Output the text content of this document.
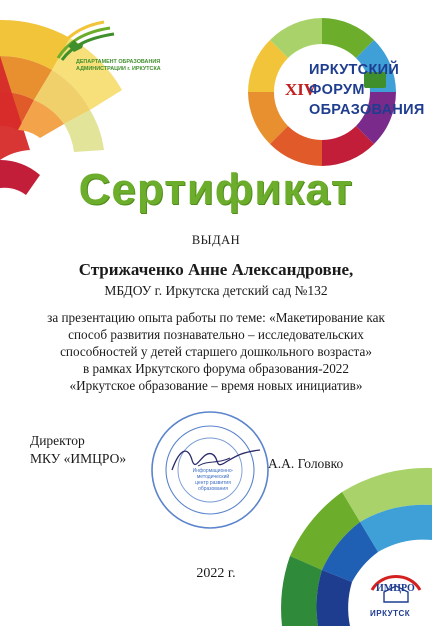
ДЕПАРТАМЕНТ ОБРАЗОВАНИЯ
АДМИНИСТРАЦИИ г. ИРКУТСКА
XIV
ИРКУТСКИЙ
ФОРУМ
ОБРАЗОВАНИЯ
Сертификат
ВЫДАН
Стрижаченко Анне Александровне,
МБДОУ г. Иркутска детский сад №132
за презентацию опыта работы по теме: «Макетирование как
способ развития познавательно – исследовательских
способностей у детей старшего дошкольного возраста»
в рамках Иркутского форума образования-2022
«Иркутское образование – время новых инициатив»
Директор
МКУ «ИМЦРО»
Информационно-
методический
центр развития
образования
А.А. Головко
2022 г.
ИМЦРО
ИРКУТСК
